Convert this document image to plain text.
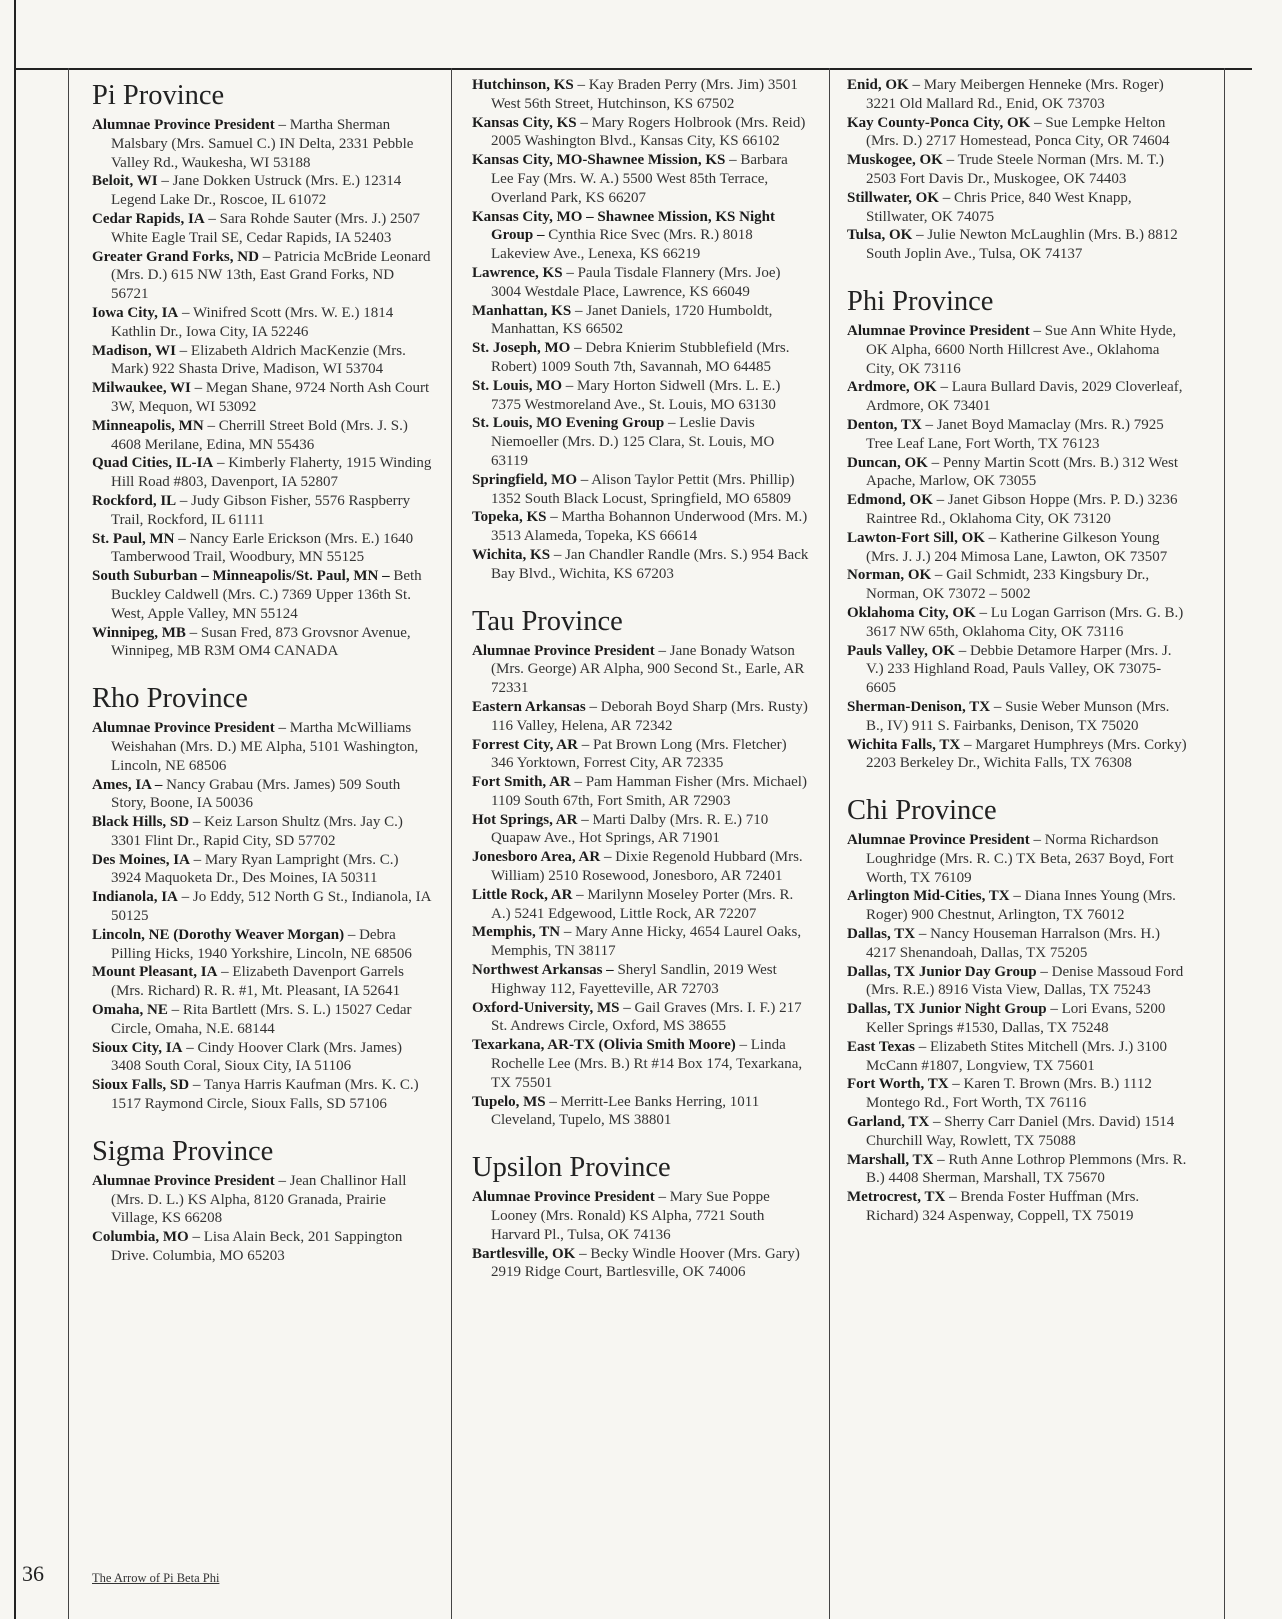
Pi Province
Alumnae Province President – Martha Sherman Malsbary (Mrs. Samuel C.) IN Delta, 2331 Pebble Valley Rd., Waukesha, WI 53188
Beloit, WI – Jane Dokken Ustruck (Mrs. E.) 12314 Legend Lake Dr., Roscoe, IL 61072
Cedar Rapids, IA – Sara Rohde Sauter (Mrs. J.) 2507 White Eagle Trail SE, Cedar Rapids, IA 52403
Greater Grand Forks, ND – Patricia McBride Leonard (Mrs. D.) 615 NW 13th, East Grand Forks, ND 56721
Iowa City, IA – Winifred Scott (Mrs. W. E.) 1814 Kathlin Dr., Iowa City, IA 52246
Madison, WI – Elizabeth Aldrich MacKenzie (Mrs. Mark) 922 Shasta Drive, Madison, WI 53704
Milwaukee, WI – Megan Shane, 9724 North Ash Court 3W, Mequon, WI 53092
Minneapolis, MN – Cherrill Street Bold (Mrs. J. S.) 4608 Merilane, Edina, MN 55436
Quad Cities, IL-IA – Kimberly Flaherty, 1915 Winding Hill Road #803, Davenport, IA 52807
Rockford, IL – Judy Gibson Fisher, 5576 Raspberry Trail, Rockford, IL 61111
St. Paul, MN – Nancy Earle Erickson (Mrs. E.) 1640 Tamberwood Trail, Woodbury, MN 55125
South Suburban – Minneapolis/St. Paul, MN – Beth Buckley Caldwell (Mrs. C.) 7369 Upper 136th St. West, Apple Valley, MN 55124
Winnipeg, MB – Susan Fred, 873 Grovsnor Avenue, Winnipeg, MB R3M OM4 CANADA
Rho Province
Alumnae Province President – Martha McWilliams Weishahan (Mrs. D.) ME Alpha, 5101 Washington, Lincoln, NE 68506
Ames, IA – Nancy Grabau (Mrs. James) 509 South Story, Boone, IA 50036
Black Hills, SD – Keiz Larson Shultz (Mrs. Jay C.) 3301 Flint Dr., Rapid City, SD 57702
Des Moines, IA – Mary Ryan Lampright (Mrs. C.) 3924 Maquoketa Dr., Des Moines, IA 50311
Indianola, IA – Jo Eddy, 512 North G St., Indianola, IA 50125
Lincoln, NE (Dorothy Weaver Morgan) – Debra Pilling Hicks, 1940 Yorkshire, Lincoln, NE 68506
Mount Pleasant, IA – Elizabeth Davenport Garrels (Mrs. Richard) R. R. #1, Mt. Pleasant, IA 52641
Omaha, NE – Rita Bartlett (Mrs. S. L.) 15027 Cedar Circle, Omaha, N.E. 68144
Sioux City, IA – Cindy Hoover Clark (Mrs. James) 3408 South Coral, Sioux City, IA 51106
Sioux Falls, SD – Tanya Harris Kaufman (Mrs. K. C.) 1517 Raymond Circle, Sioux Falls, SD 57106
Sigma Province
Alumnae Province President – Jean Challinor Hall (Mrs. D. L.) KS Alpha, 8120 Granada, Prairie Village, KS 66208
Columbia, MO – Lisa Alain Beck, 201 Sappington Drive. Columbia, MO 65203
Hutchinson, KS – Kay Braden Perry (Mrs. Jim) 3501 West 56th Street, Hutchinson, KS 67502
Kansas City, KS – Mary Rogers Holbrook (Mrs. Reid) 2005 Washington Blvd., Kansas City, KS 66102
Kansas City, MO-Shawnee Mission, KS – Barbara Lee Fay (Mrs. W. A.) 5500 West 85th Terrace, Overland Park, KS 66207
Kansas City, MO – Shawnee Mission, KS Night Group – Cynthia Rice Svec (Mrs. R.) 8018 Lakeview Ave., Lenexa, KS 66219
Lawrence, KS – Paula Tisdale Flannery (Mrs. Joe) 3004 Westdale Place, Lawrence, KS 66049
Manhattan, KS – Janet Daniels, 1720 Humboldt, Manhattan, KS 66502
St. Joseph, MO – Debra Knierim Stubblefield (Mrs. Robert) 1009 South 7th, Savannah, MO 64485
St. Louis, MO – Mary Horton Sidwell (Mrs. L. E.) 7375 Westmoreland Ave., St. Louis, MO 63130
St. Louis, MO Evening Group – Leslie Davis Niemoeller (Mrs. D.) 125 Clara, St. Louis, MO 63119
Springfield, MO – Alison Taylor Pettit (Mrs. Phillip) 1352 South Black Locust, Springfield, MO 65809
Topeka, KS – Martha Bohannon Underwood (Mrs. M.) 3513 Alameda, Topeka, KS 66614
Wichita, KS – Jan Chandler Randle (Mrs. S.) 954 Back Bay Blvd., Wichita, KS 67203
Tau Province
Alumnae Province President – Jane Bonady Watson (Mrs. George) AR Alpha, 900 Second St., Earle, AR 72331
Eastern Arkansas – Deborah Boyd Sharp (Mrs. Rusty) 116 Valley, Helena, AR 72342
Forrest City, AR – Pat Brown Long (Mrs. Fletcher) 346 Yorktown, Forrest City, AR 72335
Fort Smith, AR – Pam Hamman Fisher (Mrs. Michael) 1109 South 67th, Fort Smith, AR 72903
Hot Springs, AR – Marti Dalby (Mrs. R. E.) 710 Quapaw Ave., Hot Springs, AR 71901
Jonesboro Area, AR – Dixie Regenold Hubbard (Mrs. William) 2510 Rosewood, Jonesboro, AR 72401
Little Rock, AR – Marilynn Moseley Porter (Mrs. R. A.) 5241 Edgewood, Little Rock, AR 72207
Memphis, TN – Mary Anne Hicky, 4654 Laurel Oaks, Memphis, TN 38117
Northwest Arkansas – Sheryl Sandlin, 2019 West Highway 112, Fayetteville, AR 72703
Oxford-University, MS – Gail Graves (Mrs. I. F.) 217 St. Andrews Circle, Oxford, MS 38655
Texarkana, AR-TX (Olivia Smith Moore) – Linda Rochelle Lee (Mrs. B.) Rt #14 Box 174, Texarkana, TX 75501
Tupelo, MS – Merritt-Lee Banks Herring, 1011 Cleveland, Tupelo, MS 38801
Upsilon Province
Alumnae Province President – Mary Sue Poppe Looney (Mrs. Ronald) KS Alpha, 7721 South Harvard Pl., Tulsa, OK 74136
Bartlesville, OK – Becky Windle Hoover (Mrs. Gary) 2919 Ridge Court, Bartlesville, OK 74006
Enid, OK – Mary Meibergen Henneke (Mrs. Roger) 3221 Old Mallard Rd., Enid, OK 73703
Kay County-Ponca City, OK – Sue Lempke Helton (Mrs. D.) 2717 Homestead, Ponca City, OR 74604
Muskogee, OK – Trude Steele Norman (Mrs. M. T.) 2503 Fort Davis Dr., Muskogee, OK 74403
Stillwater, OK – Chris Price, 840 West Knapp, Stillwater, OK 74075
Tulsa, OK – Julie Newton McLaughlin (Mrs. B.) 8812 South Joplin Ave., Tulsa, OK 74137
Phi Province
Alumnae Province President – Sue Ann White Hyde, OK Alpha, 6600 North Hillcrest Ave., Oklahoma City, OK 73116
Ardmore, OK – Laura Bullard Davis, 2029 Cloverleaf, Ardmore, OK 73401
Denton, TX – Janet Boyd Mamaclay (Mrs. R.) 7925 Tree Leaf Lane, Fort Worth, TX 76123
Duncan, OK – Penny Martin Scott (Mrs. B.) 312 West Apache, Marlow, OK 73055
Edmond, OK – Janet Gibson Hoppe (Mrs. P. D.) 3236 Raintree Rd., Oklahoma City, OK 73120
Lawton-Fort Sill, OK – Katherine Gilkeson Young (Mrs. J. J.) 204 Mimosa Lane, Lawton, OK 73507
Norman, OK – Gail Schmidt, 233 Kingsbury Dr., Norman, OK 73072 – 5002
Oklahoma City, OK – Lu Logan Garrison (Mrs. G. B.) 3617 NW 65th, Oklahoma City, OK 73116
Pauls Valley, OK – Debbie Detamore Harper (Mrs. J. V.) 233 Highland Road, Pauls Valley, OK 73075-6605
Sherman-Denison, TX – Susie Weber Munson (Mrs. B., IV) 911 S. Fairbanks, Denison, TX 75020
Wichita Falls, TX – Margaret Humphreys (Mrs. Corky) 2203 Berkeley Dr., Wichita Falls, TX 76308
Chi Province
Alumnae Province President – Norma Richardson Loughridge (Mrs. R. C.) TX Beta, 2637 Boyd, Fort Worth, TX 76109
Arlington Mid-Cities, TX – Diana Innes Young (Mrs. Roger) 900 Chestnut, Arlington, TX 76012
Dallas, TX – Nancy Houseman Harralson (Mrs. H.) 4217 Shenandoah, Dallas, TX 75205
Dallas, TX Junior Day Group – Denise Massoud Ford (Mrs. R.E.) 8916 Vista View, Dallas, TX 75243
Dallas, TX Junior Night Group – Lori Evans, 5200 Keller Springs #1530, Dallas, TX 75248
East Texas – Elizabeth Stites Mitchell (Mrs. J.) 3100 McCann #1807, Longview, TX 75601
Fort Worth, TX – Karen T. Brown (Mrs. B.) 1112 Montego Rd., Fort Worth, TX 76116
Garland, TX – Sherry Carr Daniel (Mrs. David) 1514 Churchill Way, Rowlett, TX 75088
Marshall, TX – Ruth Anne Lothrop Plemmons (Mrs. R. B.) 4408 Sherman, Marshall, TX 75670
Metrocrest, TX – Brenda Foster Huffman (Mrs. Richard) 324 Aspenway, Coppell, TX 75019
36	The Arrow of Pi Beta Phi
